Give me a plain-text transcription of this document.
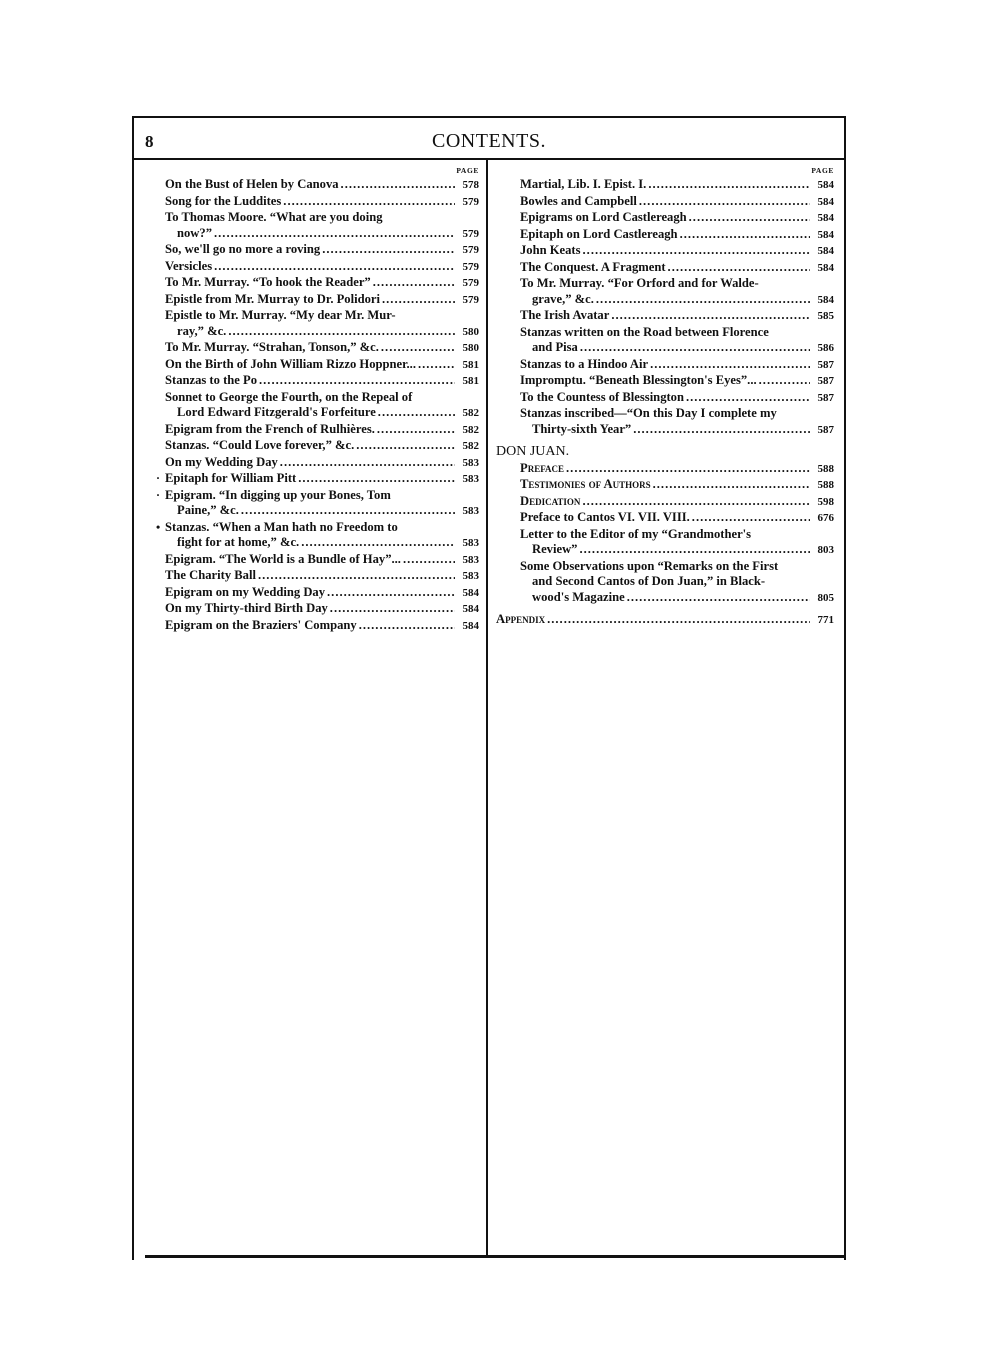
8	CONTENTS.
PAGE
On the Bust of Helen by Canova .....	578
Song for the Luddites .....	579
To Thomas Moore. “What are you doing
now?” .....	579
So, we'll go no more a roving .....	579
Versicles .....	579
To Mr. Murray. “To hook the Reader” .....	579
Epistle from Mr. Murray to Dr. Polidori .....	579
Epistle to Mr. Murray. “My dear Mr. Mur-
ray,” &c. .....	580
To Mr. Murray. “Strahan, Tonson,” &c. .....	580
On the Birth of John William Rizzo Hoppner... .....	581
Stanzas to the Po .....	581
Sonnet to George the Fourth, on the Repeal of
Lord Edward Fitzgerald's Forfeiture .....	582
Epigram from the French of Rulhières. .....	582
Stanzas. “Could Love forever,” &c. .....	582
On my Wedding Day .....	583
· Epitaph for William Pitt .....	583
· Epigram. “In digging up your Bones, Tom
Paine,” &c. .....	583
• Stanzas. “When a Man hath no Freedom to
fight for at home,” &c. .....	583
Epigram. “The World is a Bundle of Hay”... .....	583
The Charity Ball .....	583
Epigram on my Wedding Day .....	584
On my Thirty-third Birth Day .....	584
Epigram on the Braziers' Company .....	584
PAGE
Martial, Lib. I. Epist. I. .....	584
Bowles and Campbell .....	584
Epigrams on Lord Castlereagh .....	584
Epitaph on Lord Castlereagh .....	584
John Keats .....	584
The Conquest. A Fragment .....	584
To Mr. Murray. “For Orford and for Walde-
grave,” &c. .....	584
The Irish Avatar .....	585
Stanzas written on the Road between Florence
and Pisa .....	586
Stanzas to a Hindoo Air .....	587
Impromptu. “Beneath Blessington's Eyes”... .....	587
To the Countess of Blessington .....	587
Stanzas inscribed—“On this Day I complete my
Thirty-sixth Year” .....	587
DON JUAN.
Preface .....	588
Testimonies of Authors .....	588
Dedication .....	598
Preface to Cantos VI. VII. VIII. .....	676
Letter to the Editor of my “Grandmother's
Review” .....	803
Some Observations upon “Remarks on the First
and Second Cantos of Don Juan,” in Black-
wood's Magazine .....	805
Appendix .....	771
